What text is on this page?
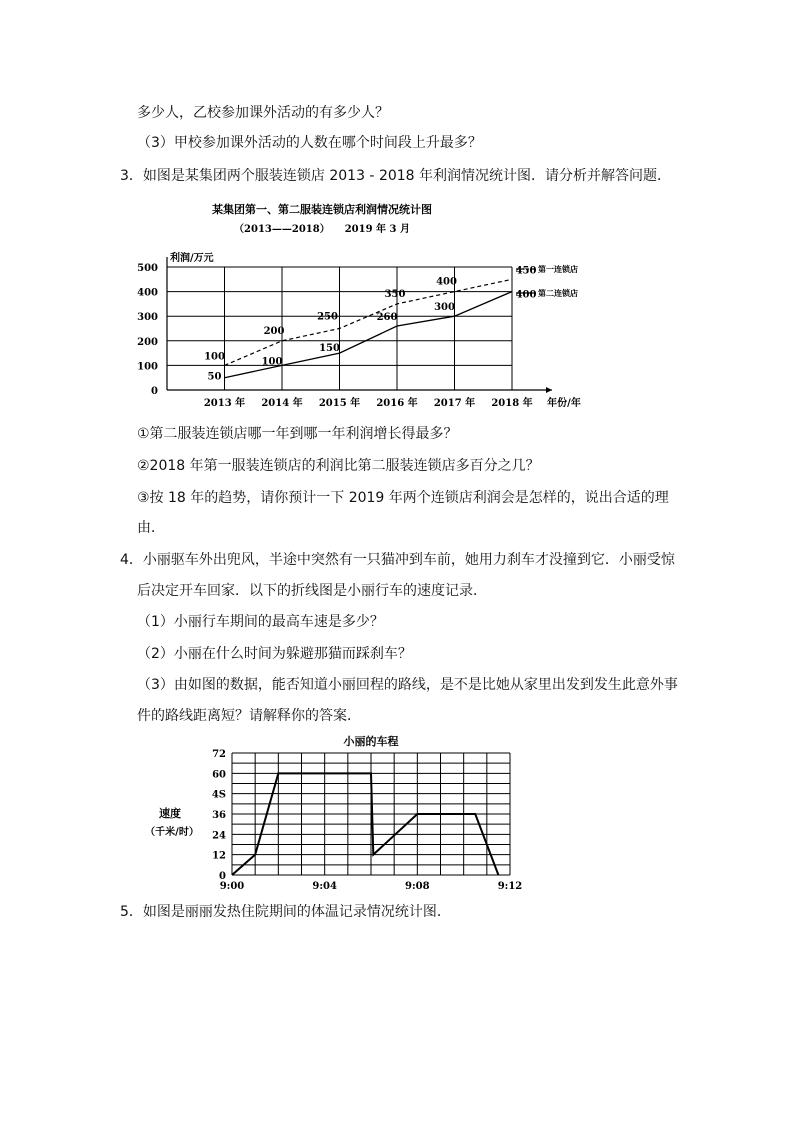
多少人，乙校参加课外活动的有多少人？
（3）甲校参加课外活动的人数在哪个时间段上升最多？
3．如图是某集团两个服装连锁店 2013 - 2018 年利润情况统计图．请分析并解答问题．
某集团第一、第二服装连锁店利润情况统计图
（2013——2018）　　2019 年 3 月
利润/万元
0
100
200
300
400
500
2013 年 2014 年 2015 年 2016 年 2017 年 2018 年 年份/年
100
200
250
350
400
450
50
100
150
260
300
400
第一连锁店
第二连锁店
①第二服装连锁店哪一年到哪一年利润增长得最多？
②2018 年第一服装连锁店的利润比第二服装连锁店多百分之几？
③按 18 年的趋势，请你预计一下 2019 年两个连锁店利润会是怎样的，说出合适的理
由．
4．小丽驱车外出兜风，半途中突然有一只猫冲到车前，她用力刹车才没撞到它．小丽受惊
后决定开车回家．以下的折线图是小丽行车的速度记录．
（1）小丽行车期间的最高车速是多少？
（2）小丽在什么时间为躲避那猫而踩刹车？
（3）由如图的数据，能否知道小丽回程的路线，是不是比她从家里出发到发生此意外事
件的路线距离短？请解释你的答案．
小丽的车程
0
12
24
36
4S
60
72
9:00	9:04	9:08	9:12
速度
（千米/时）
5．如图是丽丽发热住院期间的体温记录情况统计图．
